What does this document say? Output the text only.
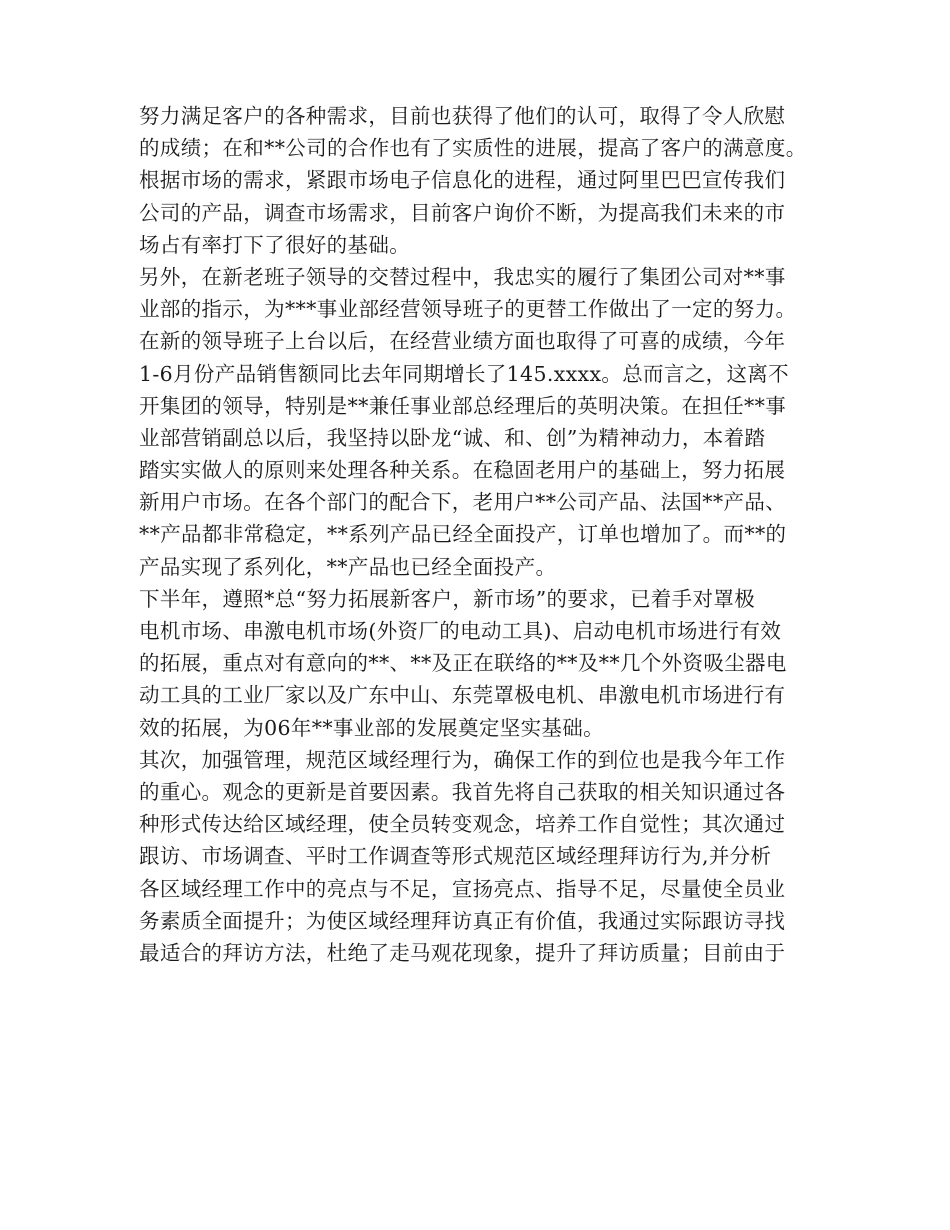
努力满足客户的各种需求，目前也获得了他们的认可，取得了令人欣慰
的成绩；在和**公司的合作也有了实质性的进展，提高了客户的满意度。
根据市场的需求，紧跟市场电子信息化的进程，通过阿里巴巴宣传我们
公司的产品，调查市场需求，目前客户询价不断，为提高我们未来的市
场占有率打下了很好的基础。
另外，在新老班子领导的交替过程中，我忠实的履行了集团公司对**事
业部的指示，为***事业部经营领导班子的更替工作做出了一定的努力。
在新的领导班子上台以后，在经营业绩方面也取得了可喜的成绩，今年
1-6月份产品销售额同比去年同期增长了145.xxxx。总而言之，这离不
开集团的领导，特别是**兼任事业部总经理后的英明决策。在担任**事
业部营销副总以后，我坚持以卧龙“诚、和、创”为精神动力，本着踏
踏实实做人的原则来处理各种关系。在稳固老用户的基础上，努力拓展
新用户市场。在各个部门的配合下，老用户**公司产品、法国**产品、
**产品都非常稳定，**系列产品已经全面投产，订单也增加了。而**的
产品实现了系列化，**产品也已经全面投产。
下半年，遵照*总“努力拓展新客户，新市场”的要求，已着手对罩极
电机市场、串激电机市场(外资厂的电动工具)、启动电机市场进行有效
的拓展，重点对有意向的**、**及正在联络的**及**几个外资吸尘器电
动工具的工业厂家以及广东中山、东莞罩极电机、串激电机市场进行有
效的拓展，为06年**事业部的发展奠定坚实基础。
其次，加强管理，规范区域经理行为，确保工作的到位也是我今年工作
的重心。观念的更新是首要因素。我首先将自己获取的相关知识通过各
种形式传达给区域经理，使全员转变观念，培养工作自觉性；其次通过
跟访、市场调查、平时工作调查等形式规范区域经理拜访行为,并分析
各区域经理工作中的亮点与不足，宣扬亮点、指导不足，尽量使全员业
务素质全面提升；为使区域经理拜访真正有价值，我通过实际跟访寻找
最适合的拜访方法，杜绝了走马观花现象，提升了拜访质量；目前由于
